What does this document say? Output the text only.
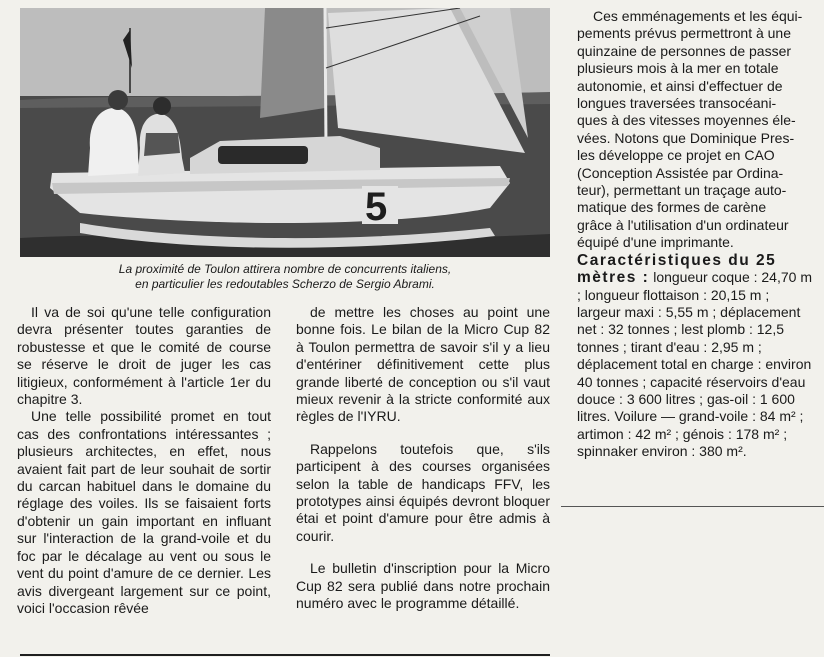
5
La proximité de Toulon attirera nombre de concurrents italiens,
en particulier les redoutables Scherzo de Sergio Abrami.

Il va de soi qu'une telle configuration devra présenter toutes garanties de robustesse et que le comité de course se réserve le droit de juger les cas litigieux, conformément à l'article 1er du chapitre 3.

Une telle possibilité promet en tout cas des confrontations intéressantes ; plusieurs architectes, en effet, nous avaient fait part de leur souhait de sortir du carcan habituel dans le domaine du réglage des voiles. Ils se faisaient forts d'obtenir un gain important en influant sur l'interaction de la grand-voile et du foc par le décalage au vent ou sous le vent du point d'amure de ce dernier. Les avis divergeant largement sur ce point, voici l'occasion rêvée

de mettre les choses au point une bonne fois. Le bilan de la Micro Cup 82 à Toulon permettra de savoir s'il y a lieu d'entériner définitivement cette plus grande liberté de conception ou s'il vaut mieux revenir à la stricte conformité aux règles de l'IYRU.

Rappelons toutefois que, s'ils participent à des courses organisées selon la table de handicaps FFV, les prototypes ainsi équipés devront bloquer étai et point d'amure pour être admis à courir.

Le bulletin d'inscription pour la Micro Cup 82 sera publié dans notre prochain numéro avec le programme détaillé.

Ces emménagements et les équi-

pements prévus permettront à une

quinzaine de personnes de passer

plusieurs mois à la mer en totale

autonomie, et ainsi d'effectuer de

longues traversées transocéani-

ques à des vitesses moyennes éle-

vées. Notons que Dominique Pres-

les développe ce projet en CAO

(Conception Assistée par Ordina-

teur), permettant un traçage auto-

matique des formes de carène

grâce à l'utilisation d'un ordinateur

équipé d'une imprimante.

Caractéristiques du 25 mètres : longueur coque : 24,70 m ; longueur flottaison : 20,15 m ; largeur maxi : 5,55 m ; déplacement net : 32 tonnes ; lest plomb : 12,5 tonnes ; tirant d'eau : 2,95 m ; déplacement total en charge : environ 40 tonnes ; capacité réservoirs d'eau douce : 3 600 litres ; gas-oil : 1 600 litres. Voilure — grand-voile : 84 m² ; artimon : 42 m² ; génois : 178 m² ; spinnaker environ : 380 m².
